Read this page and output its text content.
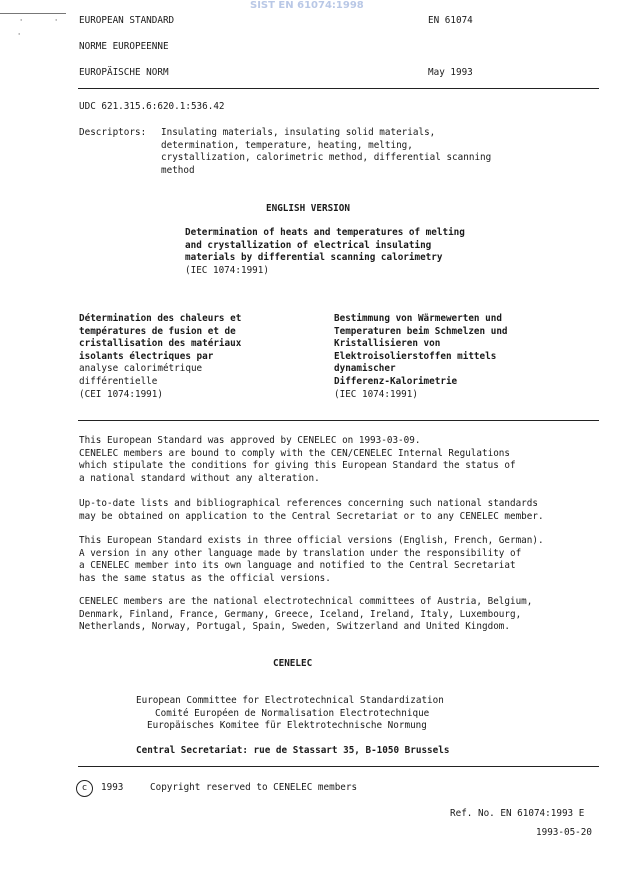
SIST EN 61074:1998
'	'
'
EUROPEAN STANDARD	EN 61074
NORME EUROPEENNE
EUROPÄISCHE NORM	May 1993
UDC 621.315.6:620.1:536.42
Descriptors: Insulating materials, insulating solid materials,
determination, temperature, heating, melting,
crystallization, calorimetric method, differential scanning
method
ENGLISH VERSION
Determination of heats and temperatures of melting
and crystallization of electrical insulating
materials by differential scanning calorimetry
(IEC 1074:1991)
Détermination des chaleurs et
températures de fusion et de
cristallisation des matériaux
isolants électriques par
analyse calorimétrique
différentielle
(CEI 1074:1991)
Bestimmung von Wärmewerten und
Temperaturen beim Schmelzen und
Kristallisieren von
Elektroisolierstoffen mittels
dynamischer
Differenz-Kalorimetrie
(IEC 1074:1991)
This European Standard was approved by CENELEC on 1993-03-09.
CENELEC members are bound to comply with the CEN/CENELEC Internal Regulations
which stipulate the conditions for giving this European Standard the status of
a national standard without any alteration.
Up-to-date lists and bibliographical references concerning such national standards
may be obtained on application to the Central Secretariat or to any CENELEC member.
This European Standard exists in three official versions (English, French, German).
A version in any other language made by translation under the responsibility of
a CENELEC member into its own language and notified to the Central Secretariat
has the same status as the official versions.
CENELEC members are the national electrotechnical committees of Austria, Belgium,
Denmark, Finland, France, Germany, Greece, Iceland, Ireland, Italy, Luxembourg,
Netherlands, Norway, Portugal, Spain, Sweden, Switzerland and United Kingdom.
CENELEC
European Committee for Electrotechnical Standardization
Comité Européen de Normalisation Electrotechnique
Europäisches Komitee für Elektrotechnische Normung
Central Secretariat: rue de Stassart 35, B-1050 Brussels
c	1993	Copyright reserved to CENELEC members
Ref. No. EN 61074:1993 E
1993-05-20
